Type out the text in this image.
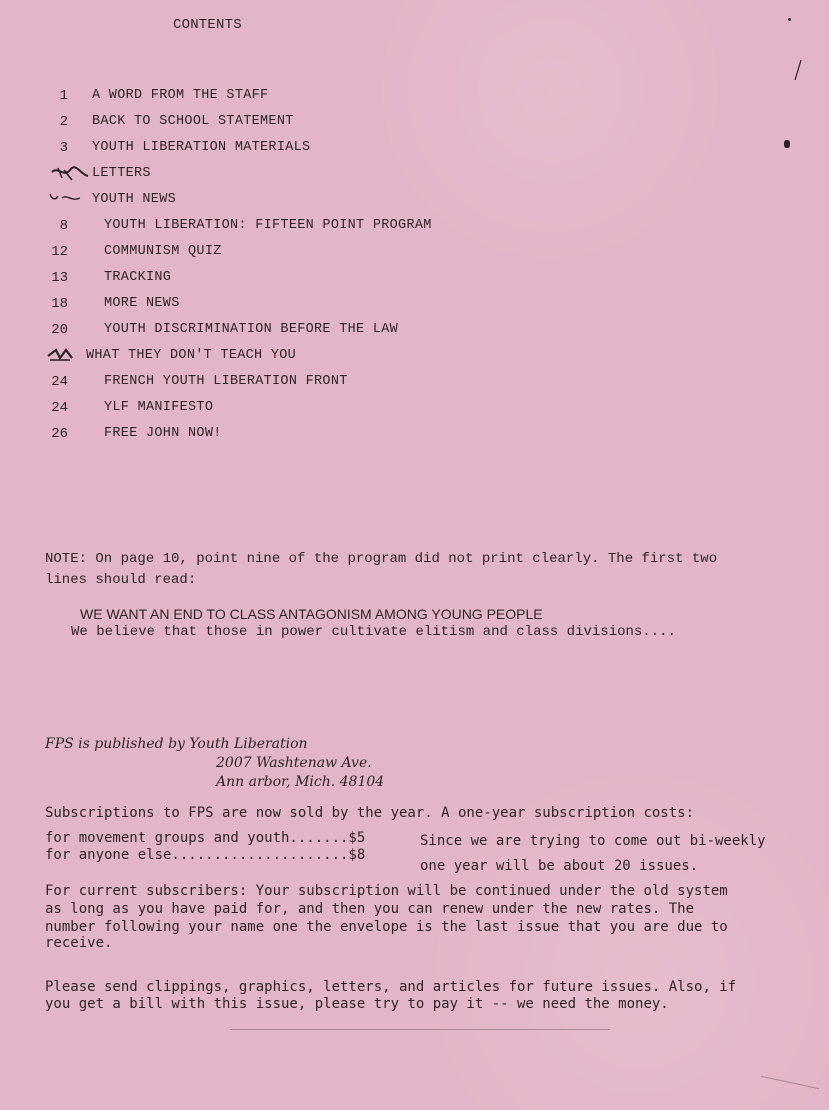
CONTENTS
1 A WORD FROM THE STAFF
2 BACK TO SCHOOL STATEMENT
3 YOUTH LIBERATION MATERIALS
LETTERS
YOUTH NEWS
8	YOUTH LIBERATION: FIFTEEN POINT PROGRAM
12	COMMUNISM QUIZ
13	TRACKING
18	MORE NEWS
20	YOUTH DISCRIMINATION BEFORE THE LAW
WHAT THEY DON'T TEACH YOU
24	FRENCH YOUTH LIBERATION FRONT
24	YLF MANIFESTO
26	FREE JOHN NOW!
NOTE: On page 10, point nine of the program did not print clearly. The first two
lines should read:
WE WANT AN END TO CLASS ANTAGONISM AMONG YOUNG PEOPLE
We believe that those in power cultivate elitism and class divisions....
FPS is published by Youth Liberation
2007 Washtenaw Ave.
Ann arbor, Mich. 48104
Subscriptions to FPS are now sold by the year. A one-year subscription costs:
for movement groups and youth.......$5
for anyone else.....................$8
Since we are trying to come out bi-weekly
one year will be about 20 issues.
For current subscribers: Your subscription will be continued under the old system
as long as you have paid for, and then you can renew under the new rates. The
number following your name one the envelope is the last issue that you are due to
receive.
Please send clippings, graphics, letters, and articles for future issues. Also, if
you get a bill with this issue, please try to pay it -- we need the money.
